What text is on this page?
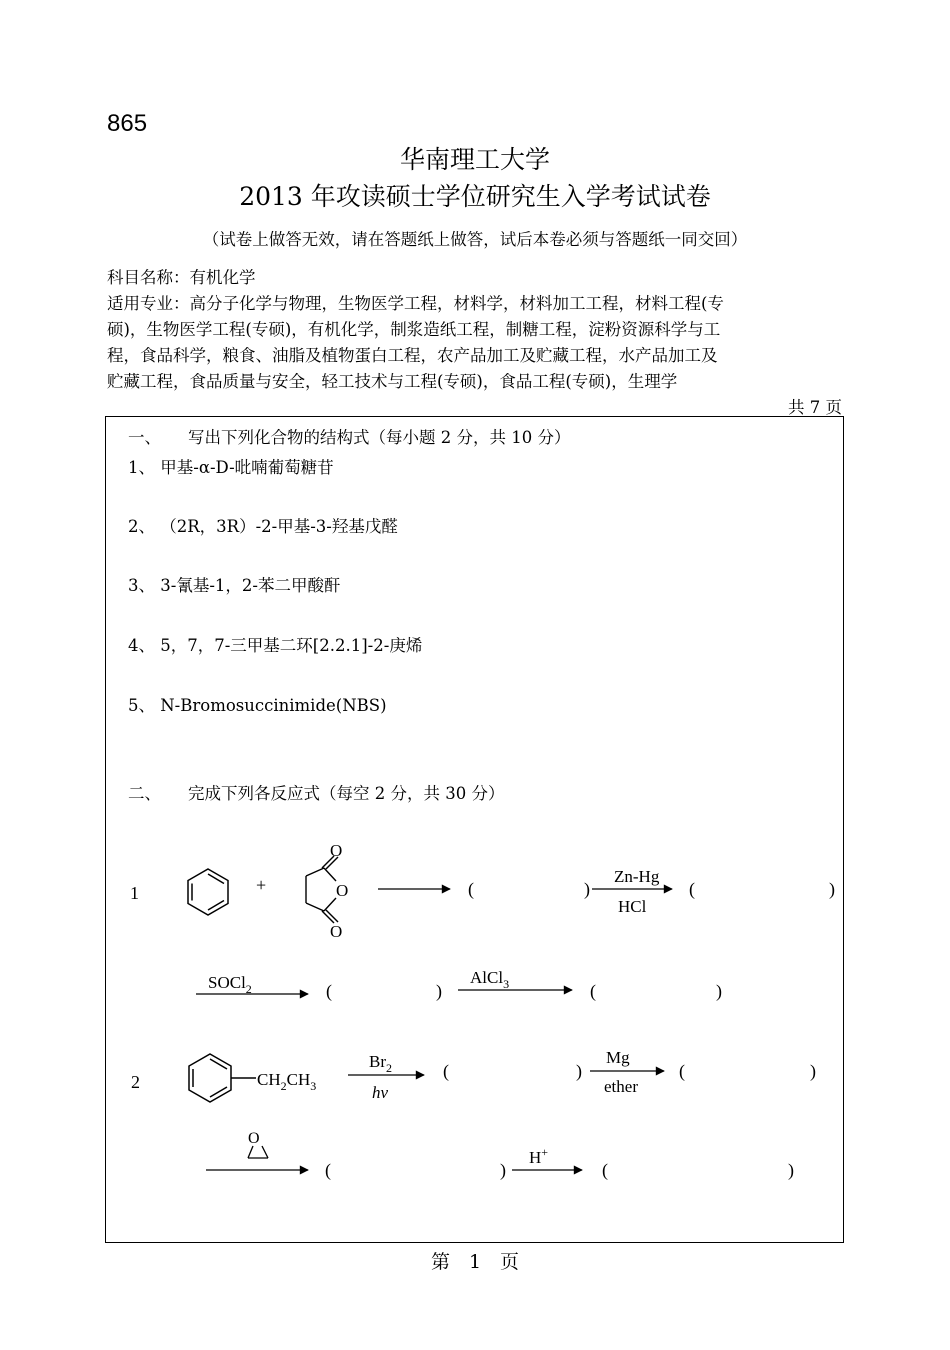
865
华南理工大学
2013 年攻读硕士学位研究生入学考试试卷
（试卷上做答无效，请在答题纸上做答，试后本卷必须与答题纸一同交回）
科目名称：有机化学
适用专业：高分子化学与物理，生物医学工程，材料学，材料加工工程，材料工程(专
硕)，生物医学工程(专硕)，有机化学，制浆造纸工程，制糖工程，淀粉资源科学与工
程，食品科学，粮食、油脂及植物蛋白工程，农产品加工及贮藏工程，水产品加工及
贮藏工程，食品质量与安全，轻工技术与工程(专硕)，食品工程(专硕)，生理学
共 7 页
一、 写出下列化合物的结构式（每小题 2 分，共 10 分）
1、 甲基-α-D-吡喃葡萄糖苷
2、 （2R，3R）-2-甲基-3-羟基戊醛
3、 3-氰基-1，2-苯二甲酸酐
4、 5，7，7-三甲基二环[2.2.1]-2-庚烯
5、 N-Bromosuccinimide(NBS)
二、 完成下列各反应式（每空 2 分，共 30 分）
1	+
O
O
O
(	)
Zn-Hg
HCl
(	)
SOCl$_2$	(	)
AlCl$_3$	(	)
2	$CH_2CH_3$
$Br_2$
hv
(	)
Mg
ether
(	)
O
(	)
H+
(	)
第　1　页
